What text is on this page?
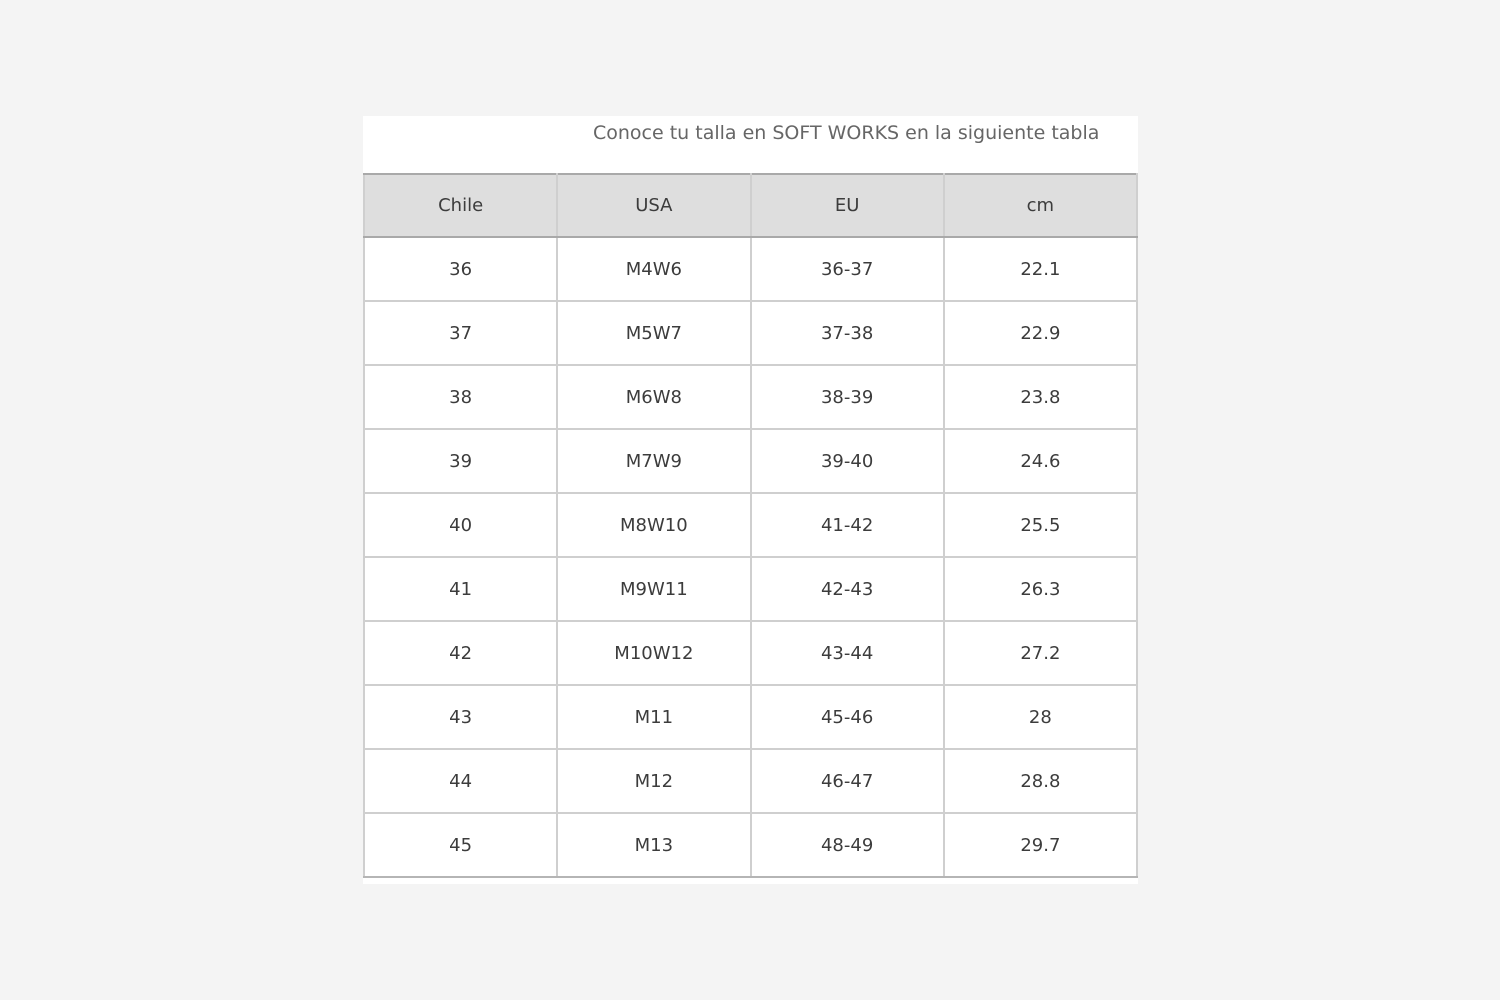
Conoce tu talla en SOFT WORKS en la siguiente tabla
Chile	USA	EU	cm
36	M4W6	36-37	22.1
37	M5W7	37-38	22.9
38	M6W8	38-39	23.8
39	M7W9	39-40	24.6
40	M8W10	41-42	25.5
41	M9W11	42-43	26.3
42	M10W12	43-44	27.2
43	M11	45-46	28
44	M12	46-47	28.8
45	M13	48-49	29.7
